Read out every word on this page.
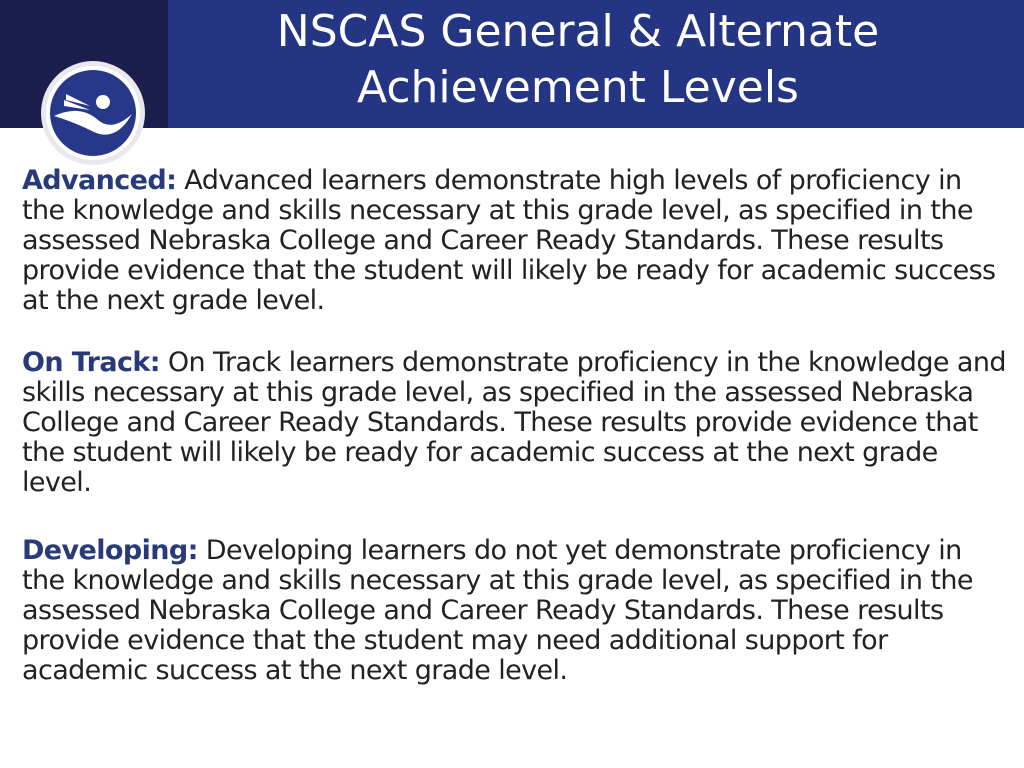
NSCAS General & Alternate
Achievement Levels

Advanced: Advanced learners demonstrate high levels of proficiency in the knowledge and skills necessary at this grade level, as specified in the assessed Nebraska College and Career Ready Standards. These results provide evidence that the student will likely be ready for academic success at the next grade level.

On Track: On Track learners demonstrate proficiency in the knowledge and skills necessary at this grade level, as specified in the assessed Nebraska College and Career Ready Standards. These results provide evidence that the student will likely be ready for academic success at the next grade level.

Developing: Developing learners do not yet demonstrate proficiency in the knowledge and skills necessary at this grade level, as specified in the assessed Nebraska College and Career Ready Standards. These results provide evidence that the student may need additional support for academic success at the next grade level.
